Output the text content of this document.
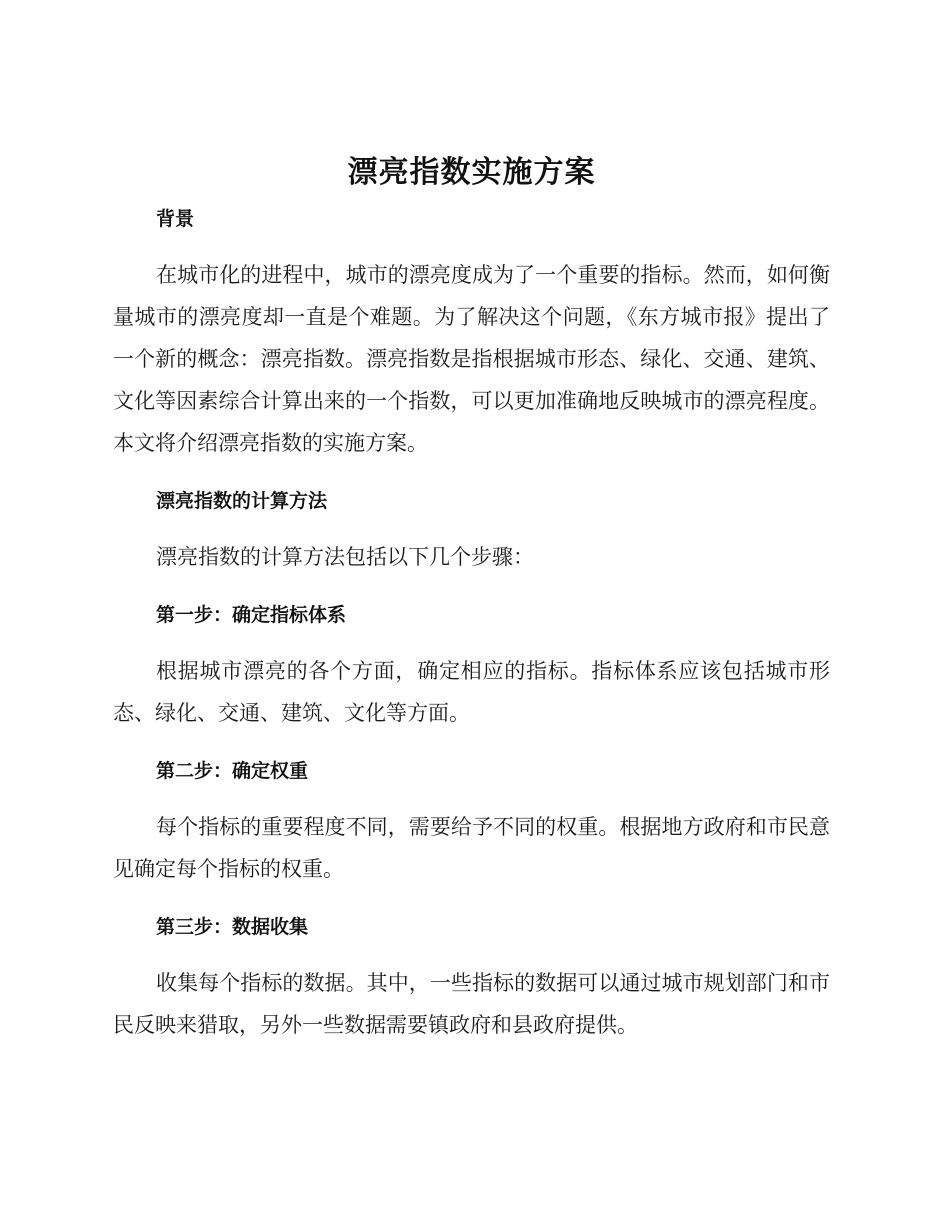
漂亮指数实施方案
背景

在城市化的进程中，城市的漂亮度成为了一个重要的指标。然而，如何衡量城市的漂亮度却一直是个难题。为了解决这个问题，《东方城市报》提出了一个新的概念：漂亮指数。漂亮指数是指根据城市形态、绿化、交通、建筑、文化等因素综合计算出来的一个指数，可以更加准确地反映城市的漂亮程度。本文将介绍漂亮指数的实施方案。

漂亮指数的计算方法

漂亮指数的计算方法包括以下几个步骤：

第一步：确定指标体系

根据城市漂亮的各个方面，确定相应的指标。指标体系应该包括城市形态、绿化、交通、建筑、文化等方面。

第二步：确定权重

每个指标的重要程度不同，需要给予不同的权重。根据地方政府和市民意见确定每个指标的权重。

第三步：数据收集

收集每个指标的数据。其中，一些指标的数据可以通过城市规划部门和市民反映来猎取，另外一些数据需要镇政府和县政府提供。
